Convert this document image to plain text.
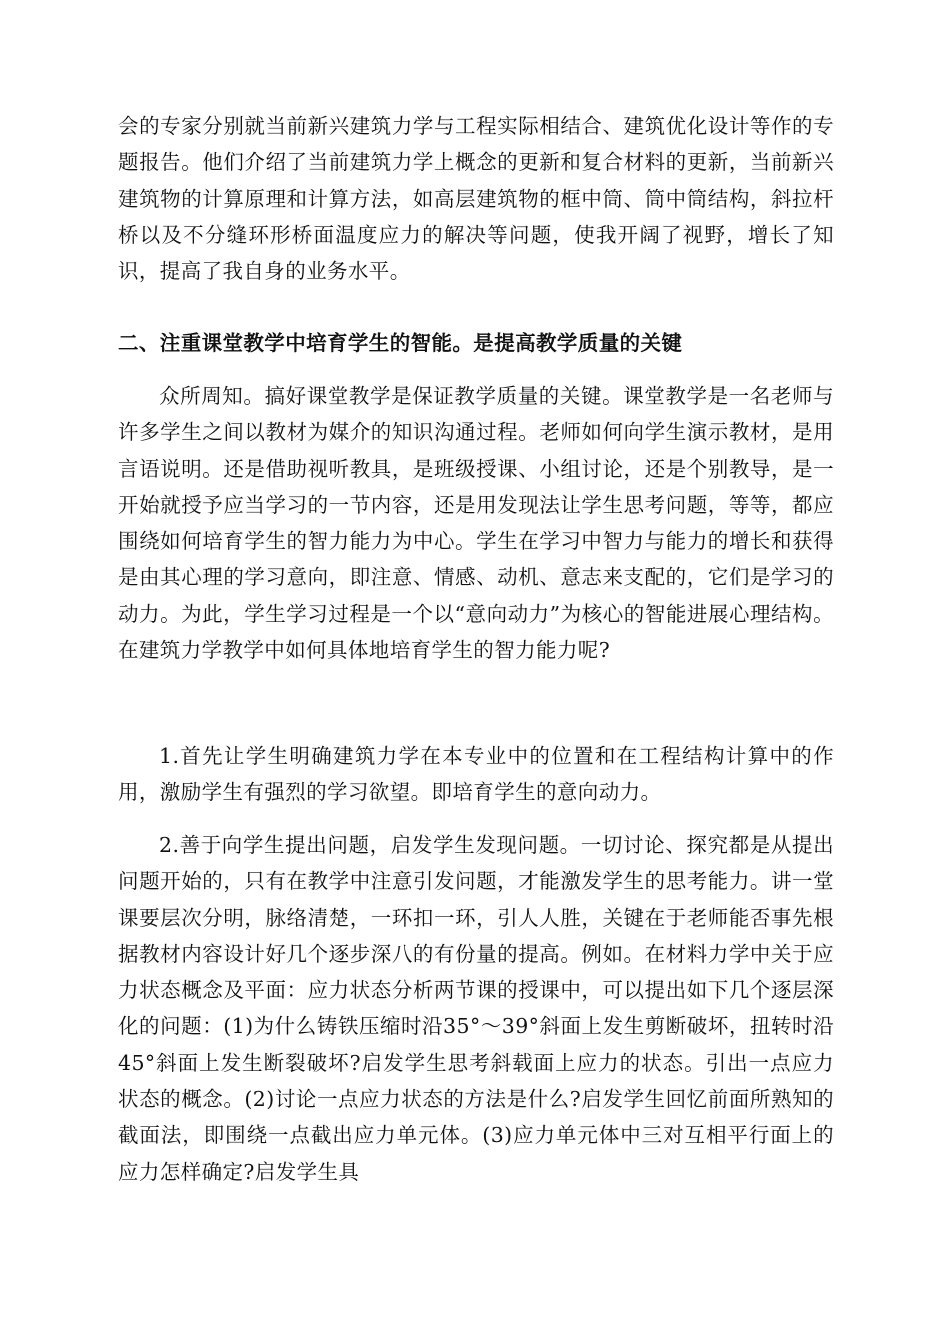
会的专家分别就当前新兴建筑力学与工程实际相结合、建筑优化设计等作的专题报告。他们介绍了当前建筑力学上概念的更新和复合材料的更新，当前新兴建筑物的计算原理和计算方法，如高层建筑物的框中筒、筒中筒结构，斜拉杆桥以及不分缝环形桥面温度应力的解决等问题，使我开阔了视野，增长了知识，提高了我自身的业务水平。

二、注重课堂教学中培育学生的智能。是提高教学质量的关键

众所周知。搞好课堂教学是保证教学质量的关键。课堂教学是一名老师与许多学生之间以教材为媒介的知识沟通过程。老师如何向学生演示教材，是用言语说明。还是借助视听教具，是班级授课、小组讨论，还是个别教导，是一开始就授予应当学习的一节内容，还是用发现法让学生思考问题，等等，都应围绕如何培育学生的智力能力为中心。学生在学习中智力与能力的增长和获得是由其心理的学习意向，即注意、情感、动机、意志来支配的，它们是学习的动力。为此，学生学习过程是一个以“意向动力”为核心的智能进展心理结构。在建筑力学教学中如何具体地培育学生的智力能力呢?

1.首先让学生明确建筑力学在本专业中的位置和在工程结构计算中的作用，激励学生有强烈的学习欲望。即培育学生的意向动力。

2.善于向学生提出问题，启发学生发现问题。一切讨论、探究都是从提出问题开始的，只有在教学中注意引发问题，才能激发学生的思考能力。讲一堂课要层次分明，脉络清楚，一环扣一环，引人人胜，关键在于老师能否事先根据教材内容设计好几个逐步深八的有份量的提高。例如。在材料力学中关于应力状态概念及平面：应力状态分析两节课的授课中，可以提出如下几个逐层深化的问题：(1)为什么铸铁压缩时沿35°～39°斜面上发生剪断破坏，扭转时沿45°斜面上发生断裂破坏?启发学生思考斜载面上应力的状态。引出一点应力状态的概念。(2)讨论一点应力状态的方法是什么?启发学生回忆前面所熟知的截面法，即围绕一点截出应力单元体。(3)应力单元体中三对互相平行面上的应力怎样确定?启发学生具
